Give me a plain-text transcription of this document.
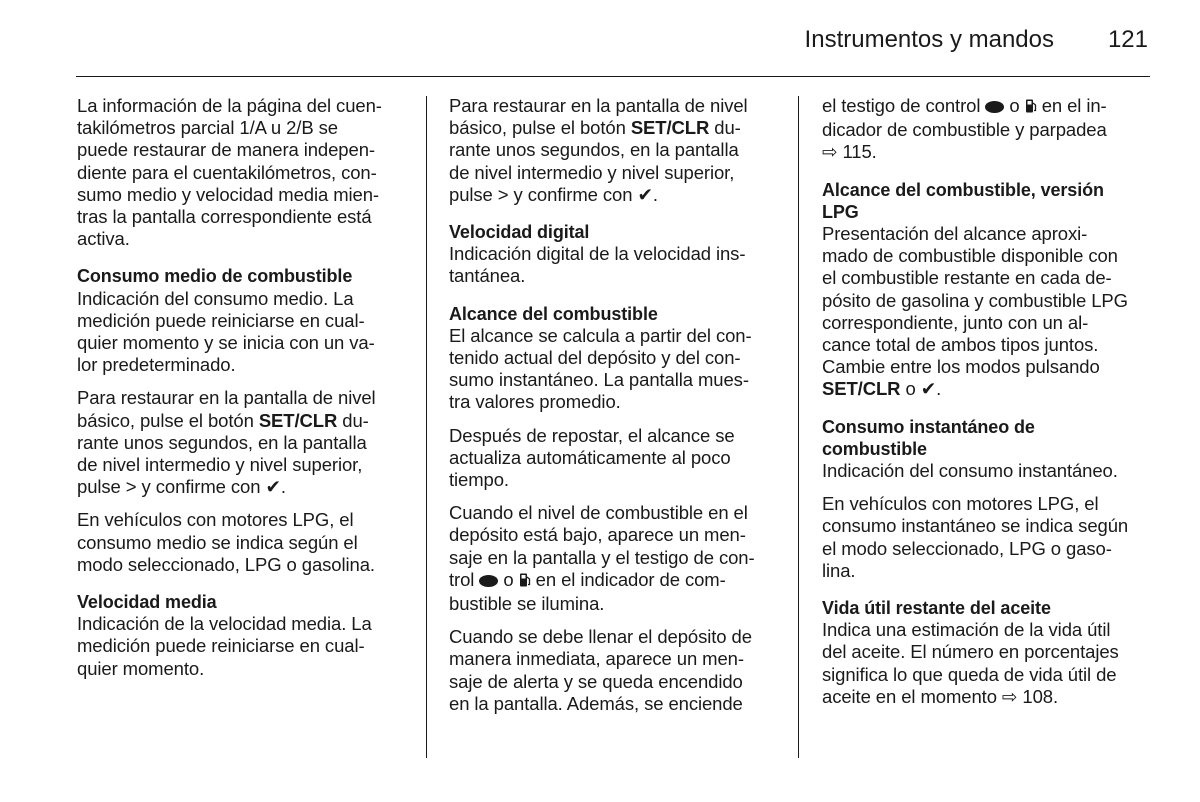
Instrumentos y mandos 121

La información de la página del cuen-
takilómetros parcial 1/A u 2/B se
puede restaurar de manera indepen-
diente para el cuentakilómetros, con-
sumo medio y velocidad media mien-
tras la pantalla correspondiente está
activa.

Consumo medio de combustible
Indicación del consumo medio. La
medición puede reiniciarse en cual-
quier momento y se inicia con un va-
lor predeterminado.

Para restaurar en la pantalla de nivel
básico, pulse el botón SET/CLR du-
rante unos segundos, en la pantalla
de nivel intermedio y nivel superior,
pulse > y confirme con ✔.

En vehículos con motores LPG, el
consumo medio se indica según el
modo seleccionado, LPG o gasolina.

Velocidad media
Indicación de la velocidad media. La
medición puede reiniciarse en cual-
quier momento.

Para restaurar en la pantalla de nivel
básico, pulse el botón SET/CLR du-
rante unos segundos, en la pantalla
de nivel intermedio y nivel superior,
pulse > y confirme con ✔.

Velocidad digital
Indicación digital de la velocidad ins-
tantánea.

Alcance del combustible
El alcance se calcula a partir del con-
tenido actual del depósito y del con-
sumo instantáneo. La pantalla mues-
tra valores promedio.

Después de repostar, el alcance se
actualiza automáticamente al poco
tiempo.

Cuando el nivel de combustible en el
depósito está bajo, aparece un men-
saje en la pantalla y el testigo de con-
trol  o  en el indicador de com-
bustible se ilumina.

Cuando se debe llenar el depósito de
manera inmediata, aparece un men-
saje de alerta y se queda encendido
en la pantalla. Además, se enciende

el testigo de control  o  en el in-
dicador de combustible y parpadea
⇨ 115.

Alcance del combustible, versión
LPG
Presentación del alcance aproxi-
mado de combustible disponible con
el combustible restante en cada de-
pósito de gasolina y combustible LPG
correspondiente, junto con un al-
cance total de ambos tipos juntos.
Cambie entre los modos pulsando
SET/CLR o ✔.

Consumo instantáneo de
combustible
Indicación del consumo instantáneo.

En vehículos con motores LPG, el
consumo instantáneo se indica según
el modo seleccionado, LPG o gaso-
lina.

Vida útil restante del aceite
Indica una estimación de la vida útil
del aceite. El número en porcentajes
significa lo que queda de vida útil de
aceite en el momento ⇨ 108.
